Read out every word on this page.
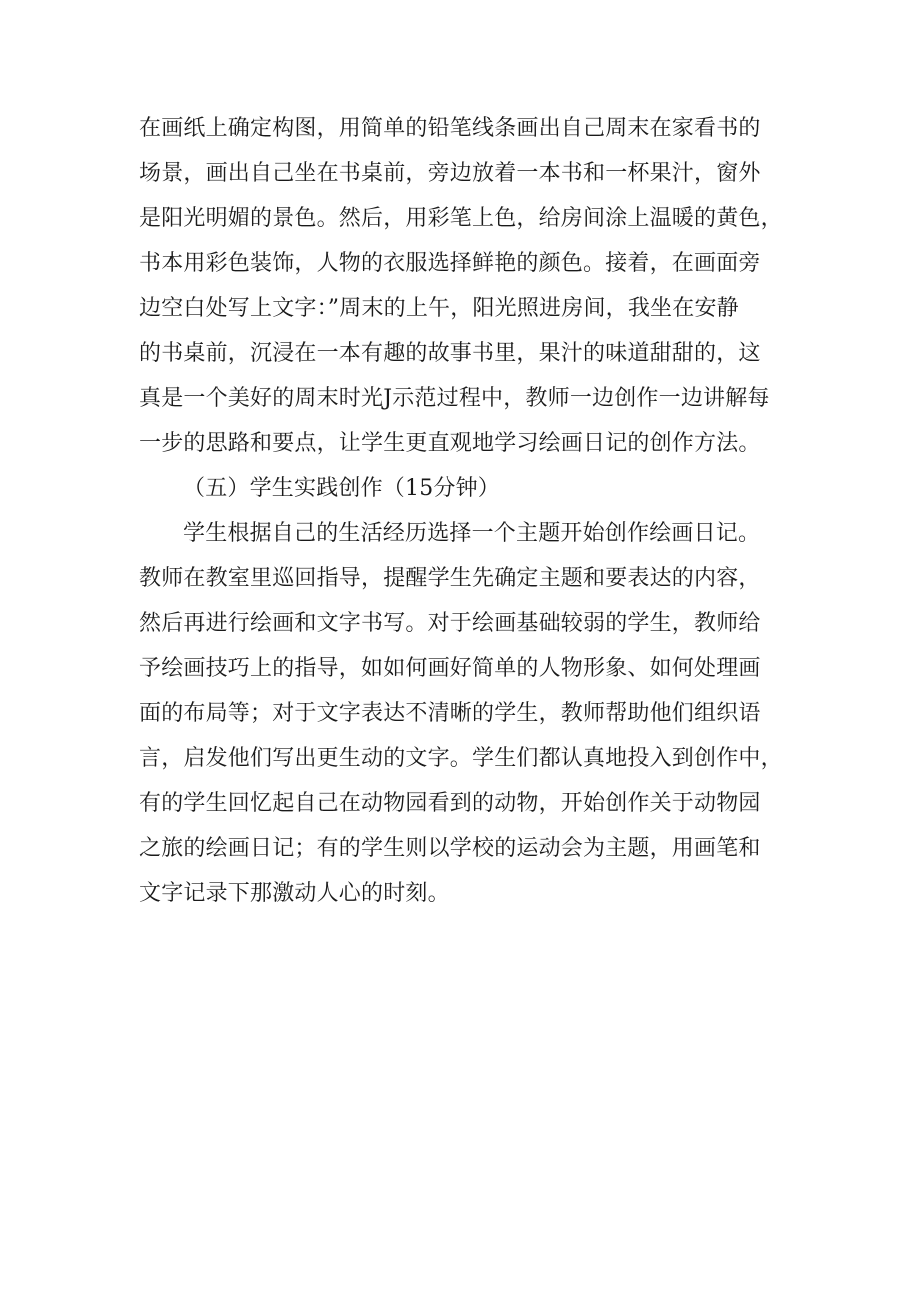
在画纸上确定构图，用简单的铅笔线条画出自己周末在家看书的
场景，画出自己坐在书桌前，旁边放着一本书和一杯果汁，窗外
是阳光明媚的景色。然后，用彩笔上色，给房间涂上温暖的黄色，
书本用彩色装饰，人物的衣服选择鲜艳的颜色。接着，在画面旁
边空白处写上文字：”周末的上午，阳光照进房间，我坐在安静
的书桌前，沉浸在一本有趣的故事书里，果汁的味道甜甜的，这
真是一个美好的周末时光J示范过程中，教师一边创作一边讲解每
一步的思路和要点，让学生更直观地学习绘画日记的创作方法。
（五）学生实践创作（15分钟）
学生根据自己的生活经历选择一个主题开始创作绘画日记。
教师在教室里巡回指导，提醒学生先确定主题和要表达的内容，
然后再进行绘画和文字书写。对于绘画基础较弱的学生，教师给
予绘画技巧上的指导，如如何画好简单的人物形象、如何处理画
面的布局等；对于文字表达不清晰的学生，教师帮助他们组织语
言，启发他们写出更生动的文字。学生们都认真地投入到创作中，
有的学生回忆起自己在动物园看到的动物，开始创作关于动物园
之旅的绘画日记；有的学生则以学校的运动会为主题，用画笔和
文字记录下那激动人心的时刻。
